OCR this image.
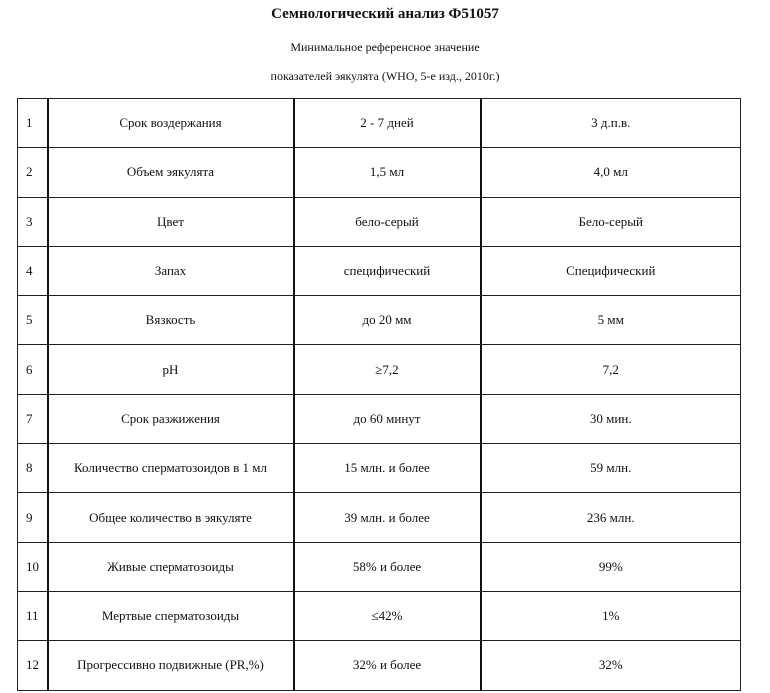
Семнологический анализ Ф51057
Минимальное референсное значение
показателей эякулята (WHO, 5-е изд., 2010г.)
1	Срок воздержания	2 - 7 дней	3 д.п.в.
2	Объем эякулята	1,5 мл	4,0 мл
3	Цвет	бело-серый	Бело-серый
4	Запах	специфический	Специфический
5	Вязкость	до 20 мм	5 мм
6	pH	≥7,2	7,2
7	Срок разжижения	до 60 минут	30 мин.
8	Количество сперматозоидов в 1 мл	15 млн. и более	59 млн.
9	Общее количество в эякуляте	39 млн. и более	236 млн.
10	Живые сперматозоиды	58% и более	99%
11	Мертвые сперматозоиды	≤42%	1%
12	Прогрессивно подвижные (PR,%)	32% и более	32%
